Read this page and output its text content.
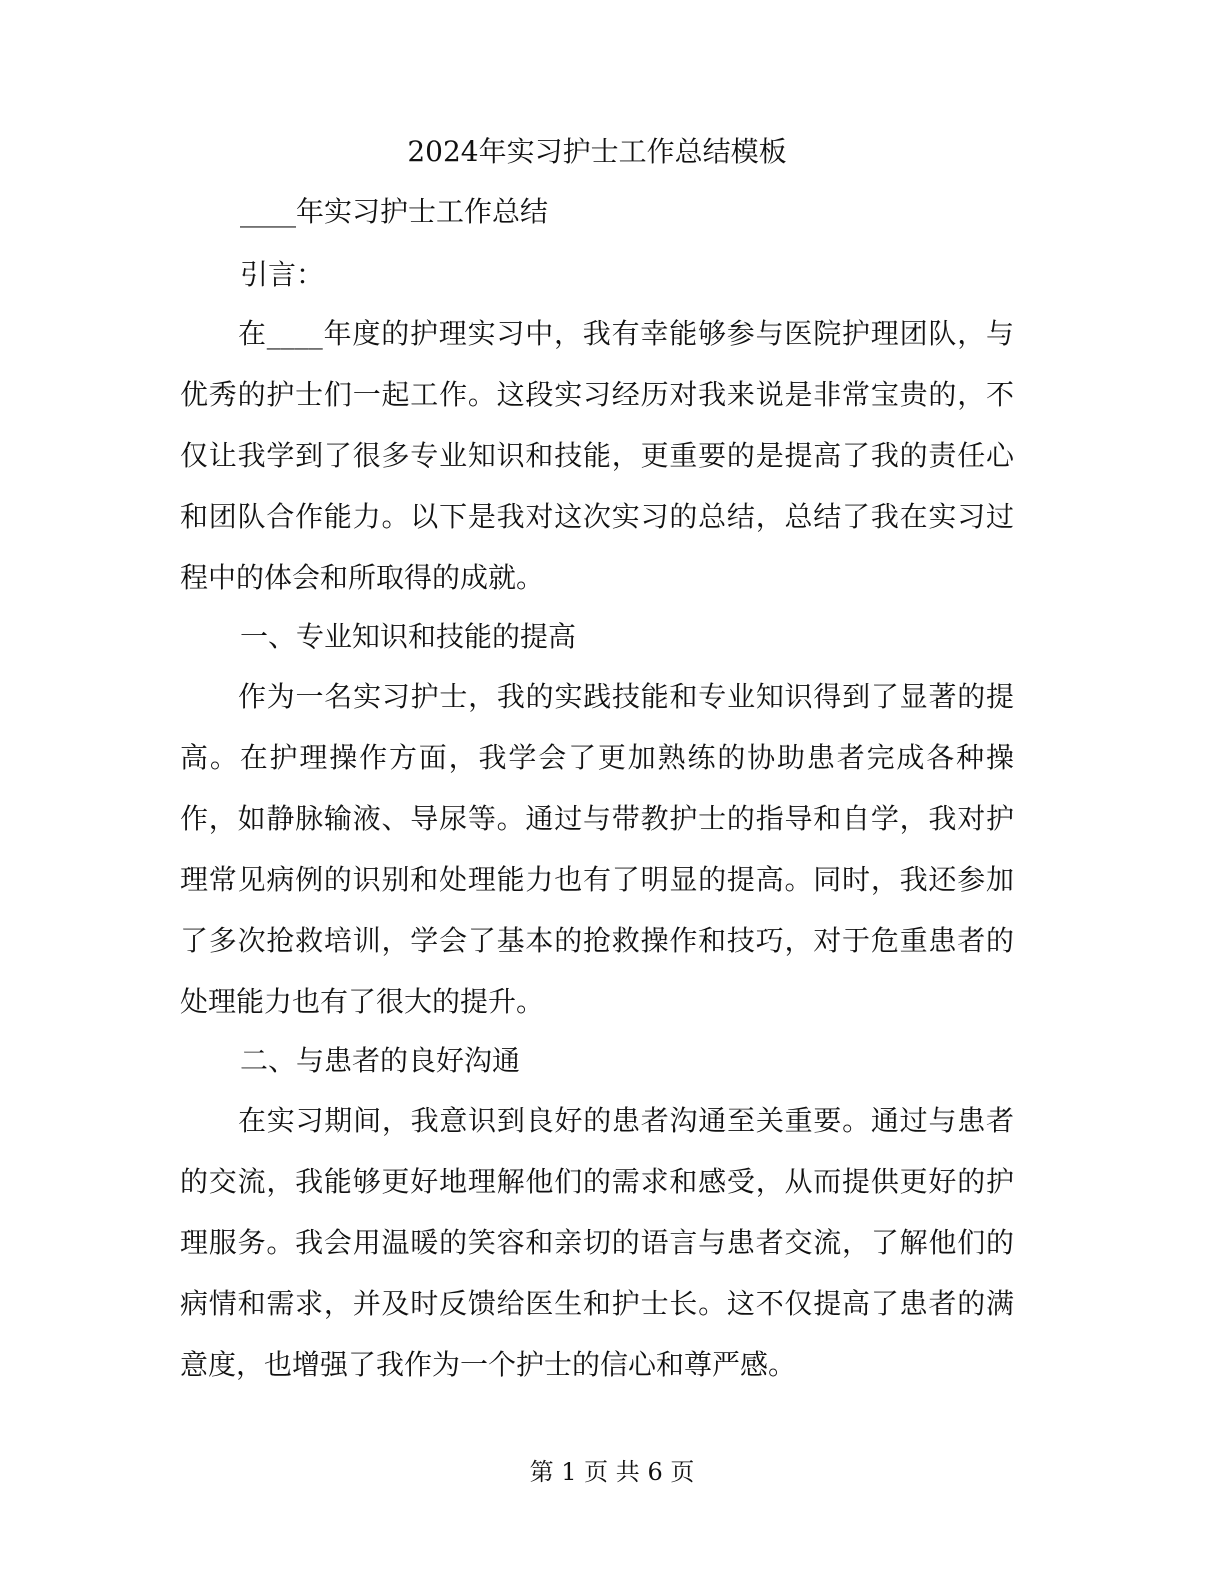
2024年实习护士工作总结模板
____年实习护士工作总结
引言：

在____年度的护理实习中，我有幸能够参与医院护理团队，与优秀的护士们一起工作。这段实习经历对我来说是非常宝贵的，不仅让我学到了很多专业知识和技能，更重要的是提高了我的责任心和团队合作能力。以下是我对这次实习的总结，总结了我在实习过程中的体会和所取得的成就。

一、专业知识和技能的提高

作为一名实习护士，我的实践技能和专业知识得到了显著的提高。在护理操作方面，我学会了更加熟练的协助患者完成各种操作，如静脉输液、导尿等。通过与带教护士的指导和自学，我对护理常见病例的识别和处理能力也有了明显的提高。同时，我还参加了多次抢救培训，学会了基本的抢救操作和技巧，对于危重患者的处理能力也有了很大的提升。

二、与患者的良好沟通

在实习期间，我意识到良好的患者沟通至关重要。通过与患者的交流，我能够更好地理解他们的需求和感受，从而提供更好的护理服务。我会用温暖的笑容和亲切的语言与患者交流，了解他们的病情和需求，并及时反馈给医生和护士长。这不仅提高了患者的满意度，也增强了我作为一个护士的信心和尊严感。

第 1 页 共 6 页
